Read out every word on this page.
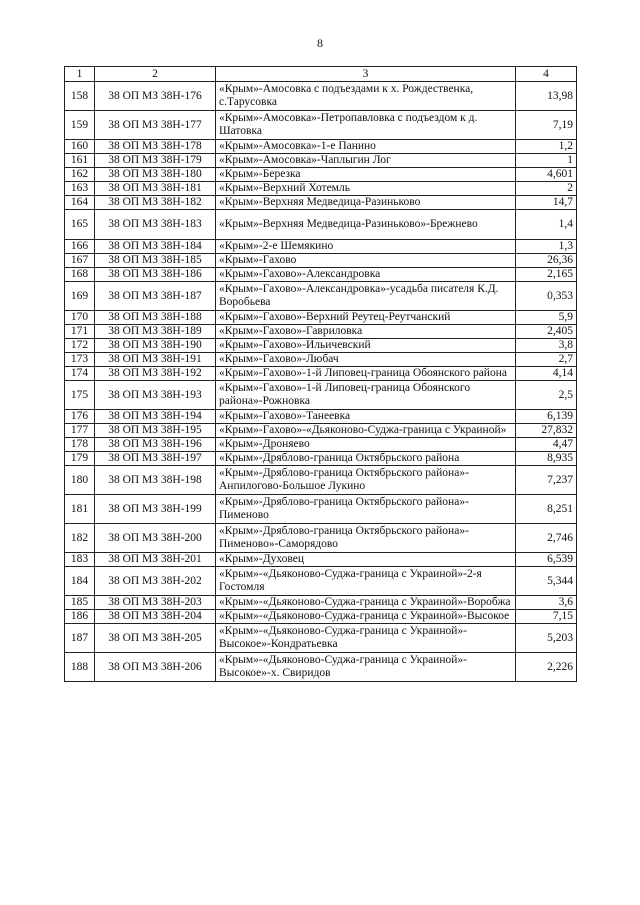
8
1	2	3	4
158	38 ОП МЗ 38Н-176	«Крым»-Амосовка с подъездами к х. Рождественка, с.Тарусовка	13,98
159	38 ОП МЗ 38Н-177	«Крым»-Амосовка»-Петропавловка с подъездом к д. Шатовка	7,19
160	38 ОП МЗ 38Н-178	«Крым»-Амосовка»-1-е Панино	1,2
161	38 ОП МЗ 38Н-179	«Крым»-Амосовка»-Чаплыгин Лог	1
162	38 ОП МЗ 38Н-180	«Крым»-Березка	4,601
163	38 ОП МЗ 38Н-181	«Крым»-Верхний Хотемль	2
164	38 ОП МЗ 38Н-182	«Крым»-Верхняя Медведица-Разиньково	14,7
165	38 ОП МЗ 38Н-183	«Крым»-Верхняя Медведица-Разиньково»-Брежнево	1,4
166	38 ОП МЗ 38Н-184	«Крым»-2-е Шемякино	1,3
167	38 ОП МЗ 38Н-185	«Крым»-Гахово	26,36
168	38 ОП МЗ 38Н-186	«Крым»-Гахово»-Александровка	2,165
169	38 ОП МЗ 38Н-187	«Крым»-Гахово»-Александровка»-усадьба писателя К.Д. Воробьева	0,353
170	38 ОП МЗ 38Н-188	«Крым»-Гахово»-Верхний Реутец-Реутчанский	5,9
171	38 ОП МЗ 38Н-189	«Крым»-Гахово»-Гавриловка	2,405
172	38 ОП МЗ 38Н-190	«Крым»-Гахово»-Ильичевский	3,8
173	38 ОП МЗ 38Н-191	«Крым»-Гахово»-Любач	2,7
174	38 ОП МЗ 38Н-192	«Крым»-Гахово»-1-й Липовец-граница Обоянского района	4,14
175	38 ОП МЗ 38Н-193	«Крым»-Гахово»-1-й Липовец-граница Обоянского района»-Рожновка	2,5
176	38 ОП МЗ 38Н-194	«Крым»-Гахово»-Танеевка	6,139
177	38 ОП МЗ 38Н-195	«Крым»-Гахово»-«Дьяконово-Суджа-граница с Украиной»	27,832
178	38 ОП МЗ 38Н-196	«Крым»-Дроняево	4,47
179	38 ОП МЗ 38Н-197	«Крым»-Дряблово-граница Октябрьского района	8,935
180	38 ОП МЗ 38Н-198	«Крым»-Дряблово-граница Октябрьского района»-Анпилогово-Большое Лукино	7,237
181	38 ОП МЗ 38Н-199	«Крым»-Дряблово-граница Октябрьского района»-Пименово	8,251
182	38 ОП МЗ 38Н-200	«Крым»-Дряблово-граница Октябрьского района»-Пименово»-Саморядово	2,746
183	38 ОП МЗ 38Н-201	«Крым»-Духовец	6,539
184	38 ОП МЗ 38Н-202	«Крым»-«Дьяконово-Суджа-граница с Украиной»-2-я Гостомля	5,344
185	38 ОП МЗ 38Н-203	«Крым»-«Дьяконово-Суджа-граница с Украиной»-Воробжа	3,6
186	38 ОП МЗ 38Н-204	«Крым»-«Дьяконово-Суджа-граница с Украиной»-Высокое	7,15
187	38 ОП МЗ 38Н-205	«Крым»-«Дьяконово-Суджа-граница с Украиной»-Высокое»-Кондратьевка	5,203
188	38 ОП МЗ 38Н-206	«Крым»-«Дьяконово-Суджа-граница с Украиной»-Высокое»-х. Свиридов	2,226
